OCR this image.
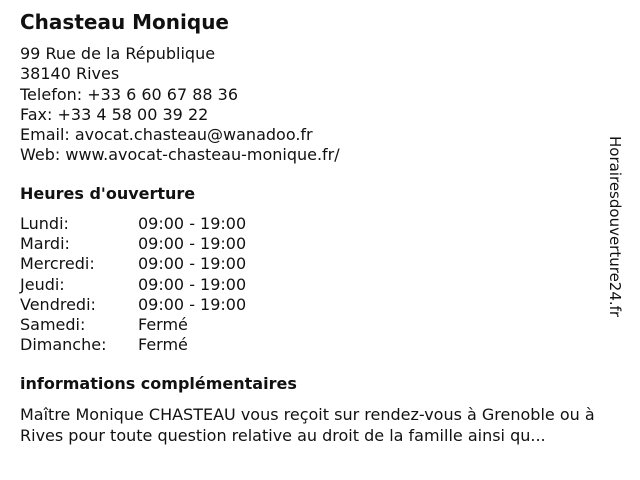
Chasteau Monique
99 Rue de la République
38140 Rives
Telefon: +33 6 60 67 88 36
Fax: +33 4 58 00 39 22
Email: avocat.chasteau@wanadoo.fr
Web: www.avocat-chasteau-monique.fr/
Heures d'ouverture
Lundi:	09:00 - 19:00
Mardi:	09:00 - 19:00
Mercredi:	09:00 - 19:00
Jeudi:	09:00 - 19:00
Vendredi:	09:00 - 19:00
Samedi:	Fermé
Dimanche:	Fermé
informations complémentaires
Maître Monique CHASTEAU vous reçoit sur rendez-vous à Grenoble ou à Rives pour toute question relative au droit de la famille ainsi qu...
Horairesdouverture24.fr
